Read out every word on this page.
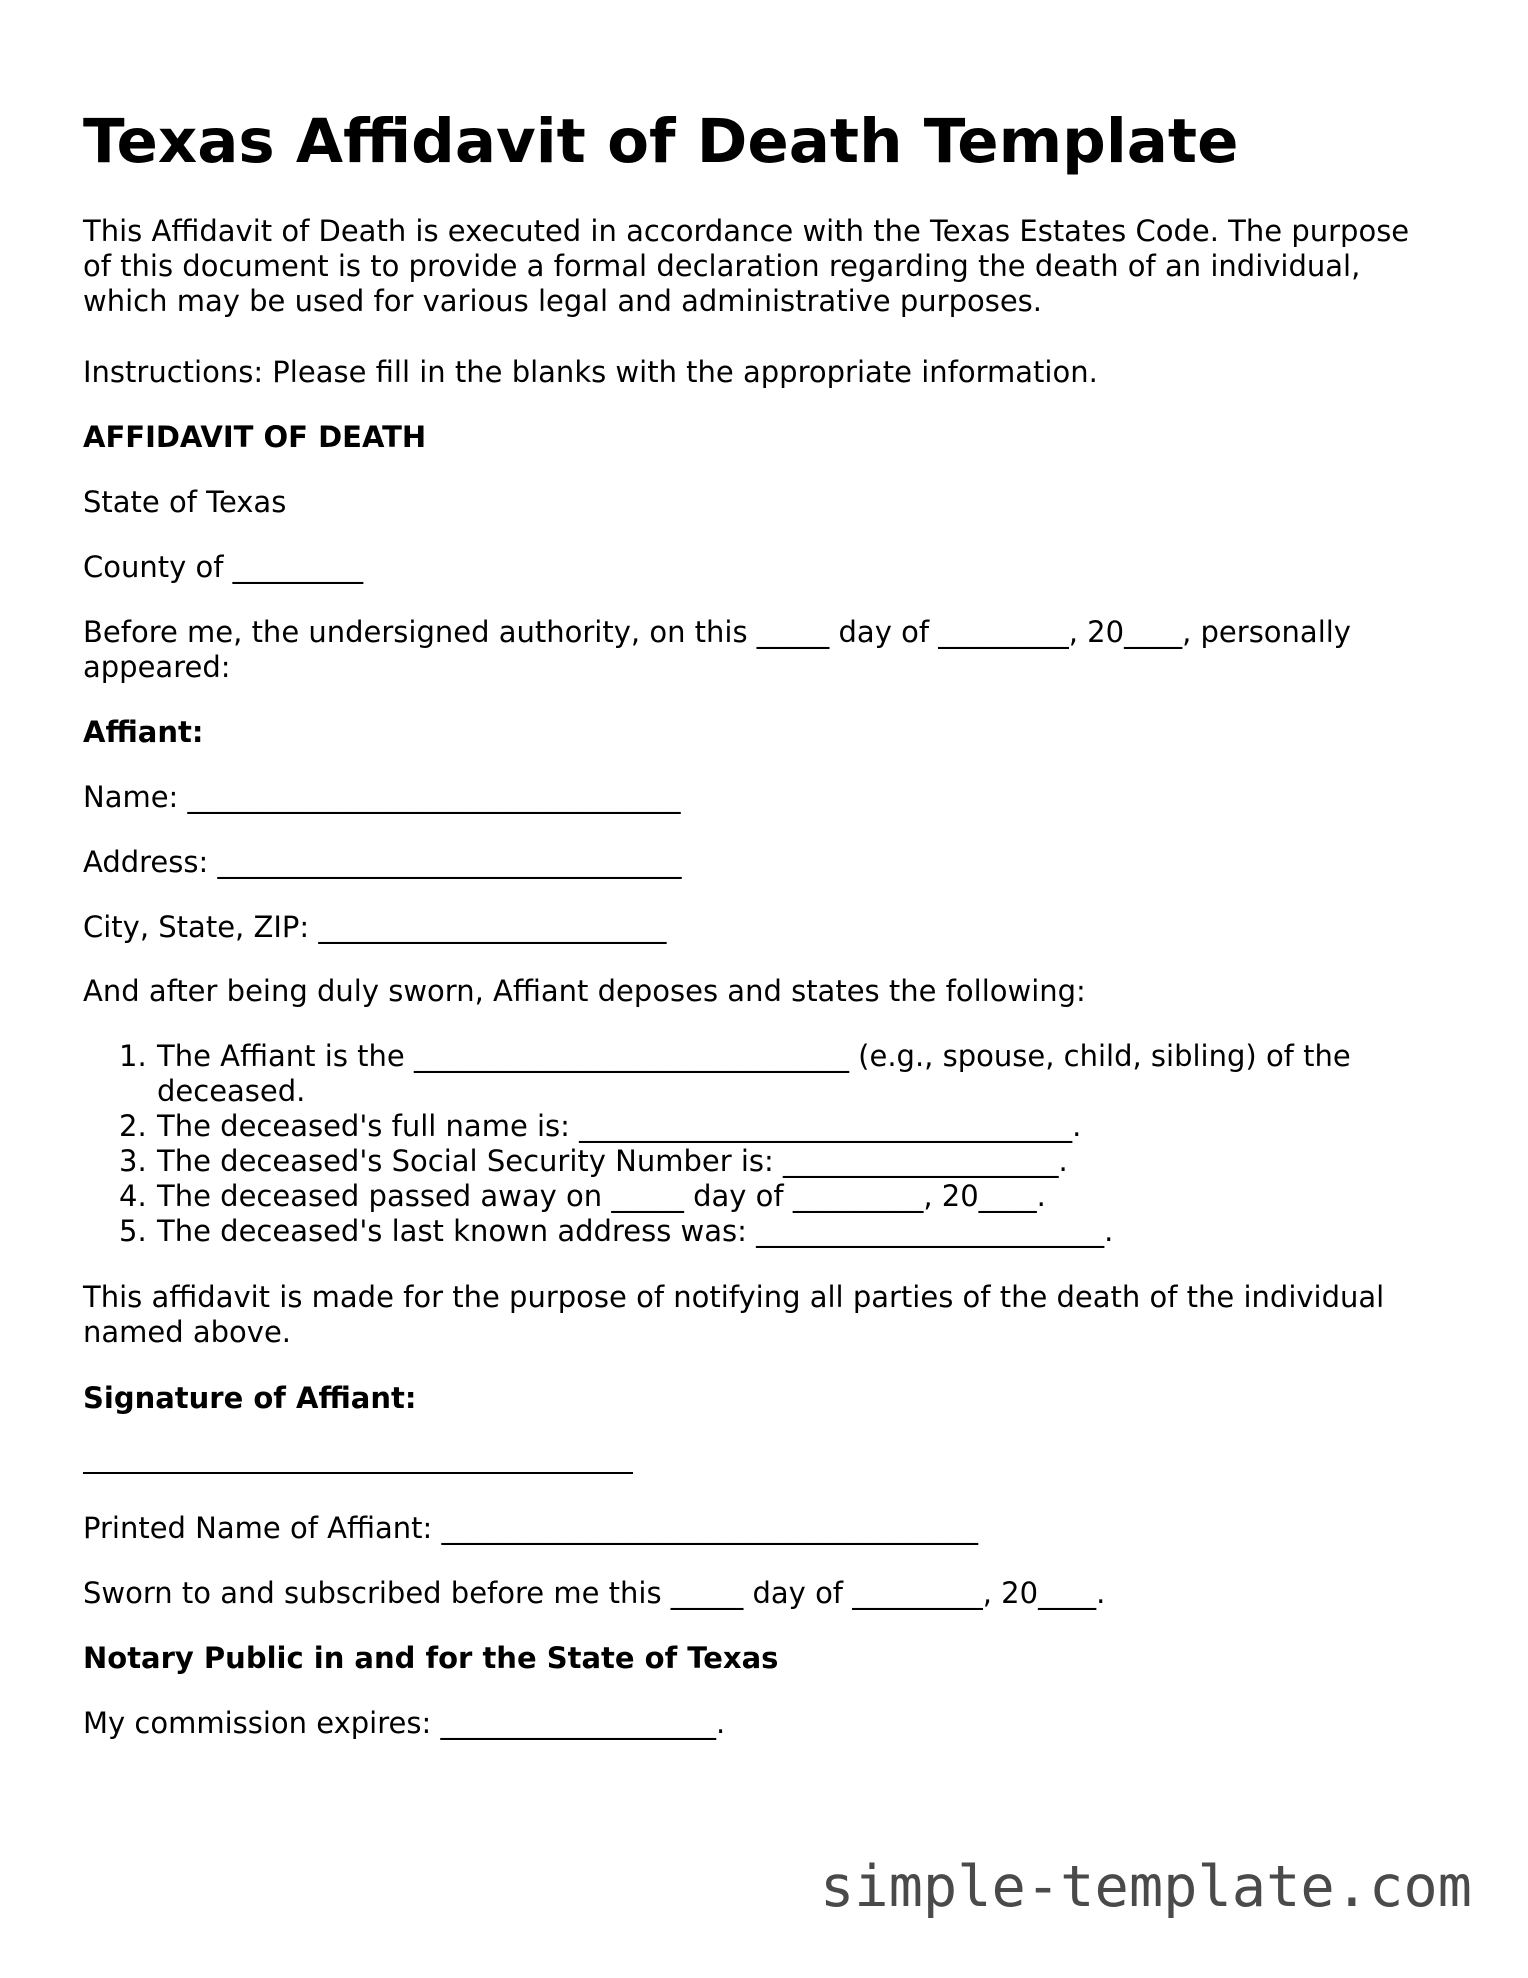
Texas Affidavit of Death Template

This Affidavit of Death is executed in accordance with the Texas Estates Code. The purpose of this document is to provide a formal declaration regarding the death of an individual, which may be used for various legal and administrative purposes.

Instructions: Please fill in the blanks with the appropriate information.

AFFIDAVIT OF DEATH

State of Texas

County of _________

Before me, the undersigned authority, on this _____ day of _________, 20____, personally appeared:

Affiant:

Name: __________________________________

Address: ________________________________

City, State, ZIP: ________________________

And after being duly sworn, Affiant deposes and states the following:

1. The Affiant is the ______________________________ (e.g., spouse, child, sibling) of the deceased.
2. The deceased's full name is: __________________________________.
3. The deceased's Social Security Number is: ___________________.
4. The deceased passed away on _____ day of _________, 20____.
5. The deceased's last known address was: ________________________.

This affidavit is made for the purpose of notifying all parties of the death of the individual named above.

Signature of Affiant:

Printed Name of Affiant: _____________________________________

Sworn to and subscribed before me this _____ day of _________, 20____.

Notary Public in and for the State of Texas

My commission expires: ___________________.

simple-template.com
